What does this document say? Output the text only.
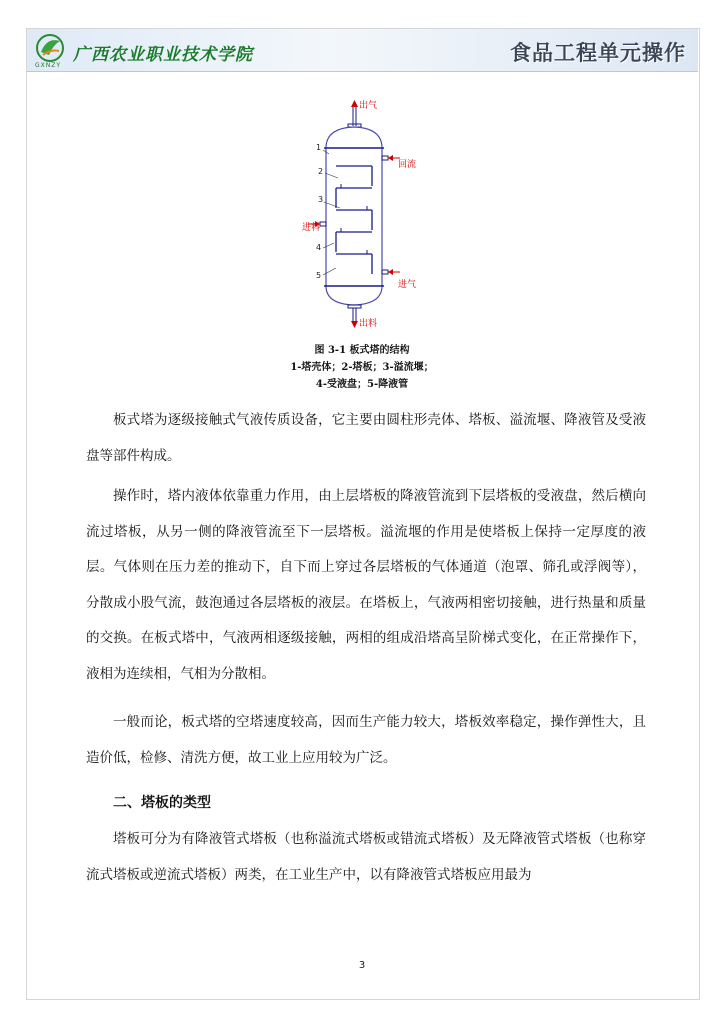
GXNZY
广西农业职业技术学院	食品工程单元操作
出气
回流
进料
进气
出料
1
2
3
4
5
图 3-1 板式塔的结构
1-塔壳体；2-塔板；3-溢流堰；
4-受液盘；5-降液管
板式塔为逐级接触式气液传质设备，它主要由圆柱形壳体、塔板、溢流堰、降液管及受液盘等部件构成。
操作时，塔内液体依靠重力作用，由上层塔板的降液管流到下层塔板的受液盘，然后横向流过塔板，从另一侧的降液管流至下一层塔板。溢流堰的作用是使塔板上保持一定厚度的液层。气体则在压力差的推动下，自下而上穿过各层塔板的气体通道（泡罩、筛孔或浮阀等），分散成小股气流，鼓泡通过各层塔板的液层。在塔板上，气液两相密切接触，进行热量和质量的交换。在板式塔中，气液两相逐级接触，两相的组成沿塔高呈阶梯式变化，在正常操作下，液相为连续相，气相为分散相。
一般而论，板式塔的空塔速度较高，因而生产能力较大，塔板效率稳定，操作弹性大，且造价低，检修、清洗方便，故工业上应用较为广泛。
二、塔板的类型
塔板可分为有降液管式塔板（也称溢流式塔板或错流式塔板）及无降液管式塔板（也称穿流式塔板或逆流式塔板）两类，在工业生产中，以有降液管式塔板应用最为
3
